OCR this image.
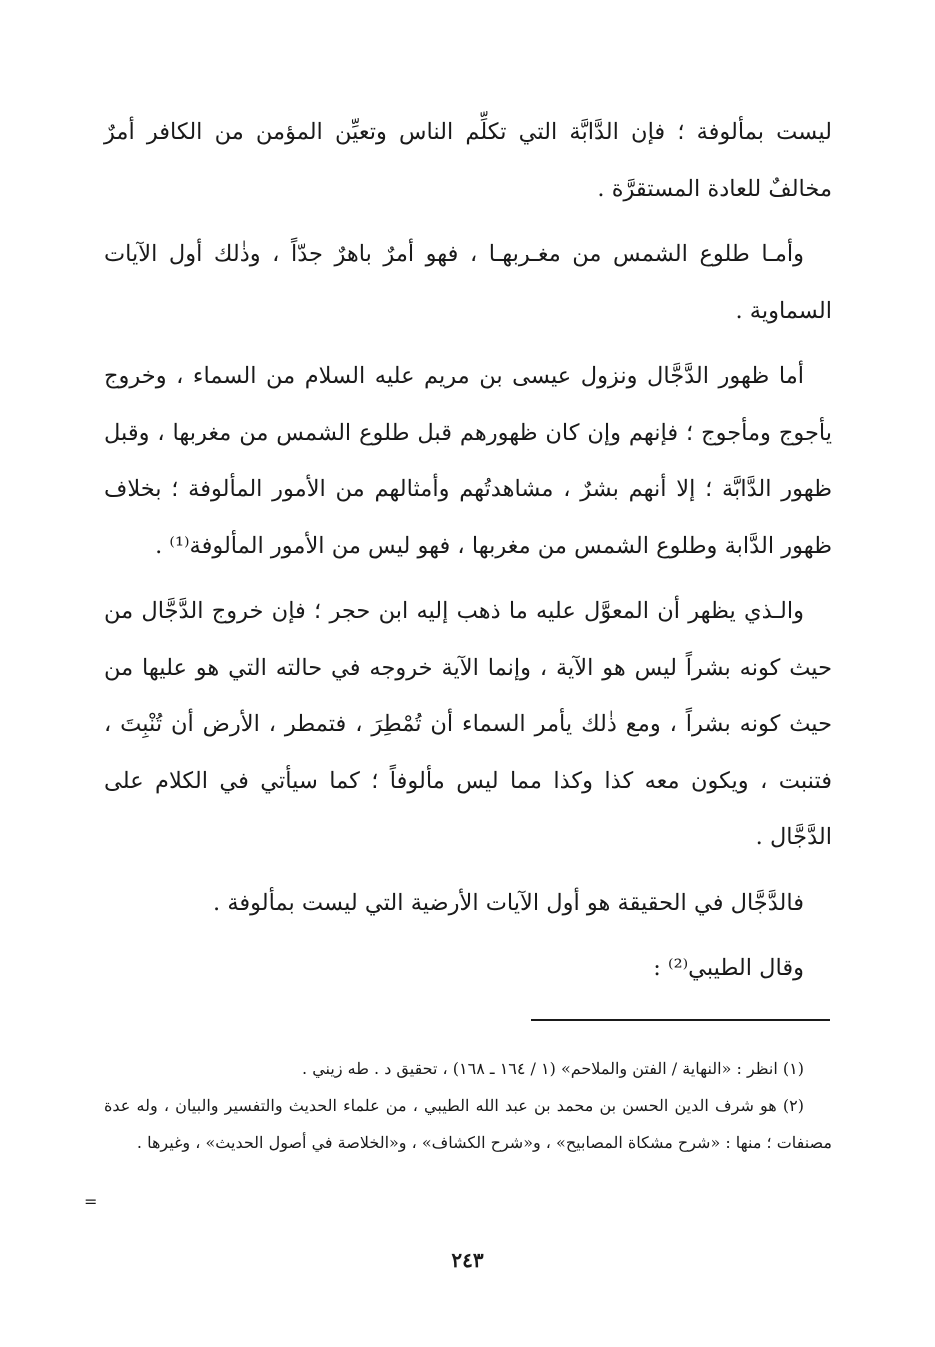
ليست بمألوفة ؛ فإن الدَّابَّة التي تكلِّم الناس وتعيِّن المؤمن من الكافر أمرٌ مخالفٌ للعادة المستقرَّة .

وأمـا طلوع الشمس من مغـربهـا ، فهو أمرٌ باهرٌ جدّاً ، وذٰلك أول الآيات السماوية .

أما ظهور الدَّجَّال ونزول عيسى بن مريم عليه السلام من السماء ، وخروج يأجوج ومأجوج ؛ فإنهم وإن كان ظهورهم قبل طلوع الشمس من مغربها ، وقبل ظهور الدَّابَّة ؛ إلا أنهم بشرٌ ، مشاهدتُهم وأمثالهم من الأمور المألوفة ؛ بخلاف ظهور الدَّابة وطلوع الشمس من مغربها ، فهو ليس من الأمور المألوفة⁽¹⁾ .

والـذي يظهر أن المعوَّل عليه ما ذهب إليه ابن حجر ؛ فإن خروج الدَّجَّال من حيث كونه بشراً ليس هو الآية ، وإنما الآية خروجه في حالته التي هو عليها من حيث كونه بشراً ، ومع ذٰلك يأمر السماء أن تُمْطِرَ ، فتمطر ، الأرض أن تُنْبِتَ ، فتنبت ، ويكون معه كذا وكذا مما ليس مألوفاً ؛ كما سيأتي في الكلام على الدَّجَّال .

فالدَّجَّال في الحقيقة هو أول الآيات الأرضية التي ليست بمألوفة .

وقال الطيبي⁽²⁾ :

(١) انظر : «النهاية / الفتن والملاحم» (١ / ١٦٤ ـ ١٦٨) ، تحقيق د . طه زيني .

(٢) هو شرف الدين الحسن بن محمد بن عبد الله الطيبي ، من علماء الحديث والتفسير والبيان ، وله عدة مصنفات ؛ منها : «شرح مشكاة المصابيح» ، و«شرح الكشاف» ، و«الخلاصة في أصول الحديث» ، وغيرها .

=
٢٤٣
